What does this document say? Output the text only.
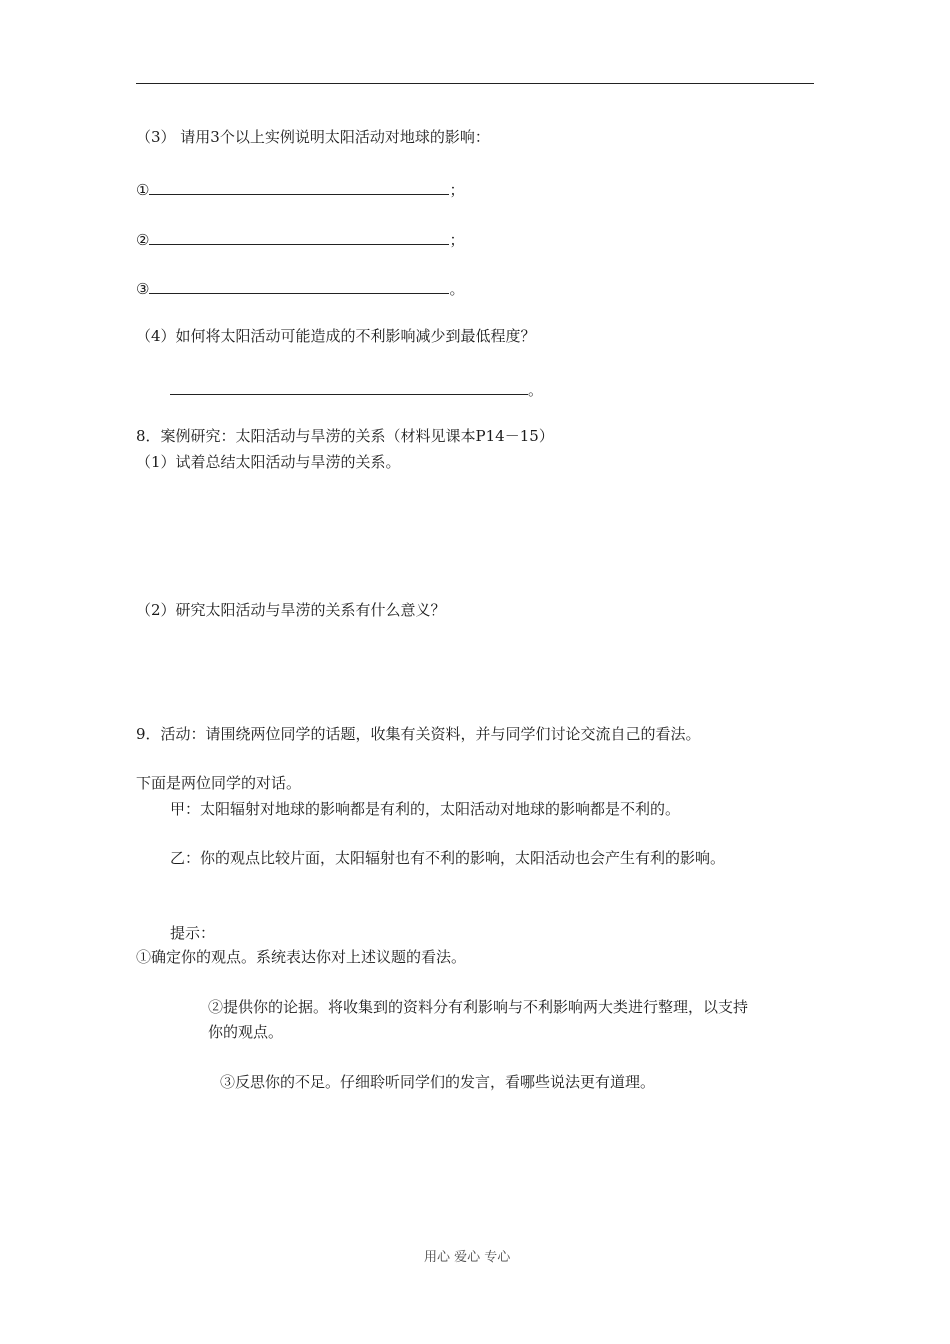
（3） 请用3个以上实例说明太阳活动对地球的影响：
①	；
②	；
③	。
（4）如何将太阳活动可能造成的不利影响减少到最低程度？
。
8．案例研究：太阳活动与旱涝的关系（材料见课本P14－15）
（1）试着总结太阳活动与旱涝的关系。
（2）研究太阳活动与旱涝的关系有什么意义？
9．活动：请围绕两位同学的话题，收集有关资料，并与同学们讨论交流自己的看法。
下面是两位同学的对话。
甲：太阳辐射对地球的影响都是有利的，太阳活动对地球的影响都是不利的。
乙：你的观点比较片面，太阳辐射也有不利的影响，太阳活动也会产生有利的影响。
提示：
①确定你的观点。系统表达你对上述议题的看法。
②提供你的论据。将收集到的资料分有利影响与不利影响两大类进行整理，以支持
你的观点。
③反思你的不足。仔细聆听同学们的发言，看哪些说法更有道理。
用心 爱心 专心
